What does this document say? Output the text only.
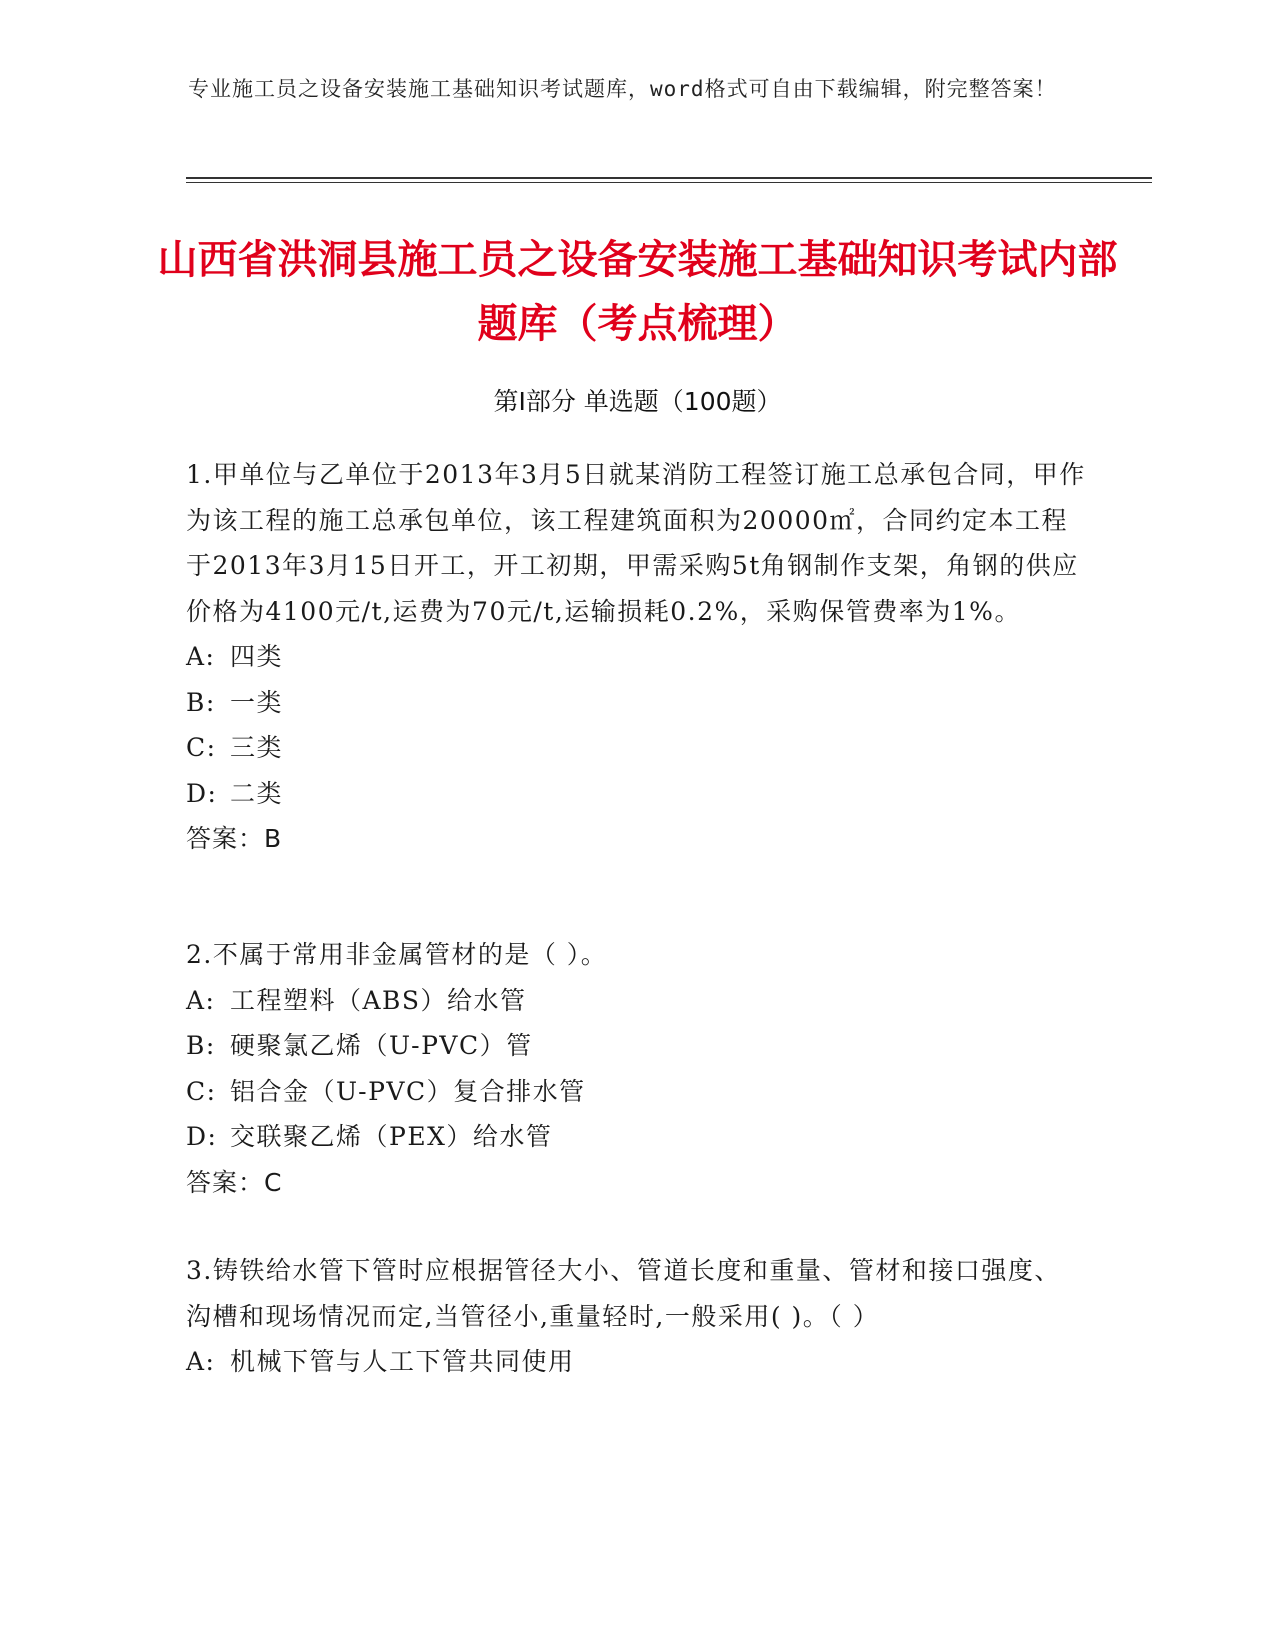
专业施工员之设备安装施工基础知识考试题库，word格式可自由下载编辑，附完整答案！
山西省洪洞县施工员之设备安装施工基础知识考试内部题库（考点梳理）
第I部分 单选题（100题）

1.甲单位与乙单位于2013年3月5日就某消防工程签订施工总承包合同，甲作为该工程的施工总承包单位，该工程建筑面积为20000㎡，合同约定本工程于2013年3月15日开工，开工初期，甲需采购5t角钢制作支架，角钢的供应价格为4100元/t,运费为70元/t,运输损耗0.2%，采购保管费率为1%。

A: 四类

B: 一类

C: 三类

D: 二类

答案：B

2.不属于常用非金属管材的是（ ）。

A: 工程塑料（ABS）给水管

B: 硬聚氯乙烯（U-PVC）管

C: 铝合金（U-PVC）复合排水管

D: 交联聚乙烯（PEX）给水管

答案：C

3.铸铁给水管下管时应根据管径大小、管道长度和重量、管材和接口强度、沟槽和现场情况而定,当管径小,重量轻时,一般采用( )。（ ）

A: 机械下管与人工下管共同使用
